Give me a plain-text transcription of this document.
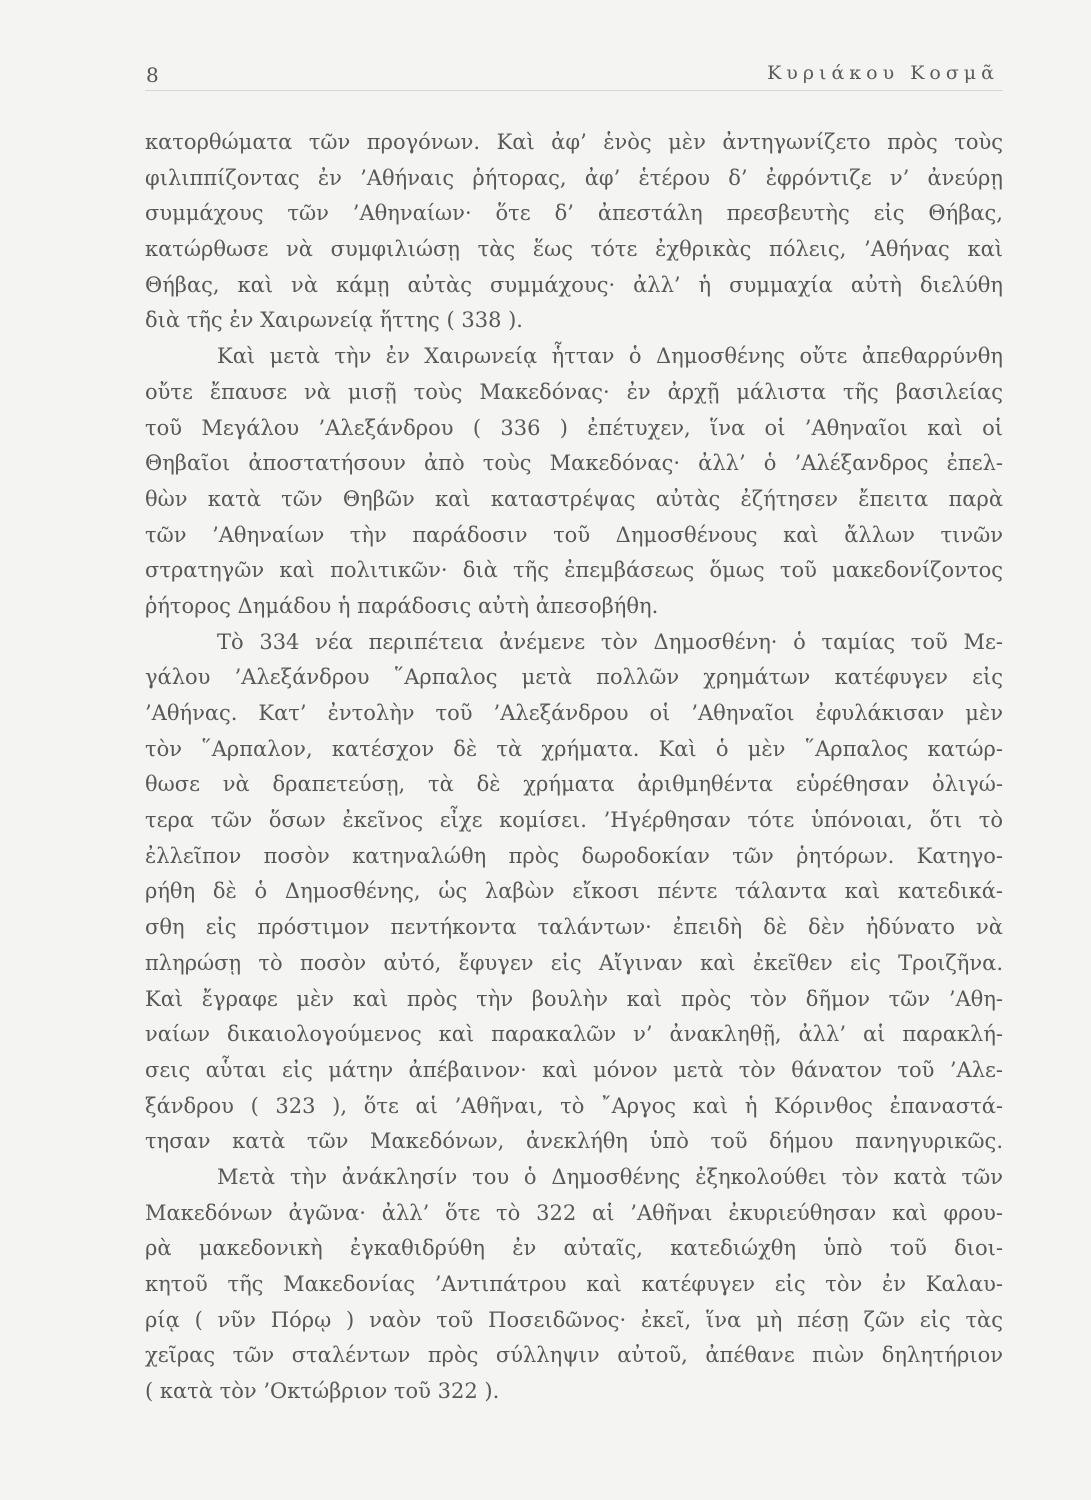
8	Κυριάκου Κοσμᾶ
κατορθώματα τῶν προγόνων. Καὶ ἀφ’ ἑνὸς μὲν ἀντηγωνίζετο πρὸς τοὺς
φιλιππίζοντας ἐν ’Αθήναις ῥήτορας, ἀφ’ ἑτέρου δ’ ἐφρόντιζε ν’ ἀνεύρῃ
συμμάχους τῶν ’Αθηναίων· ὅτε δ’ ἀπεστάλη πρεσβευτὴς εἰς Θήβας,
κατώρθωσε νὰ συμφιλιώσῃ τὰς ἕως τότε ἐχθρικὰς πόλεις, ’Αθήνας καὶ
Θήβας, καὶ νὰ κάμῃ αὐτὰς συμμάχους· ἀλλ’ ἡ συμμαχία αὐτὴ διελύθη
διὰ τῆς ἐν Χαιρωνείᾳ ἥττης ( 338 ).
Καὶ μετὰ τὴν ἐν Χαιρωνείᾳ ἧτταν ὁ Δημοσθένης οὔτε ἀπεθαρρύνθη
οὔτε ἔπαυσε νὰ μισῇ τοὺς Μακεδόνας· ἐν ἀρχῇ μάλιστα τῆς βασιλείας
τοῦ Μεγάλου ’Αλεξάνδρου ( 336 ) ἐπέτυχεν, ἵνα οἱ ’Αθηναῖοι καὶ οἱ
Θηβαῖοι ἀποστατήσουν ἀπὸ τοὺς Μακεδόνας· ἀλλ’ ὁ ’Αλέξανδρος ἐπελ-
θὼν κατὰ τῶν Θηβῶν καὶ καταστρέψας αὐτὰς ἐζήτησεν ἔπειτα παρὰ
τῶν ’Αθηναίων τὴν παράδοσιν τοῦ Δημοσθένους καὶ ἄλλων τινῶν
στρατηγῶν καὶ πολιτικῶν· διὰ τῆς ἐπεμβάσεως ὅμως τοῦ μακεδονίζοντος
ῥήτορος Δημάδου ἡ παράδοσις αὐτὴ ἀπεσοβήθη.
Τὸ 334 νέα περιπέτεια ἀνέμενε τὸν Δημοσθένη· ὁ ταμίας τοῦ Με-
γάλου ’Αλεξάνδρου ῞Αρπαλος μετὰ πολλῶν χρημάτων κατέφυγεν εἰς
’Αθήνας. Κατ’ ἐντολὴν τοῦ ’Αλεξάνδρου οἱ ’Αθηναῖοι ἐφυλάκισαν μὲν
τὸν ῞Αρπαλον, κατέσχον δὲ τὰ χρήματα. Καὶ ὁ μὲν ῞Αρπαλος κατώρ-
θωσε νὰ δραπετεύσῃ, τὰ δὲ χρήματα ἀριθμηθέντα εὑρέθησαν ὀλιγώ-
τερα τῶν ὅσων ἐκεῖνος εἶχε κομίσει. ’Ηγέρθησαν τότε ὑπόνοιαι, ὅτι τὸ
ἐλλεῖπον ποσὸν κατηναλώθη πρὸς δωροδοκίαν τῶν ῥητόρων. Κατηγο-
ρήθη δὲ ὁ Δημοσθένης, ὡς λαβὼν εἴκοσι πέντε τάλαντα καὶ κατεδικά-
σθη εἰς πρόστιμον πεντήκοντα ταλάντων· ἐπειδὴ δὲ δὲν ἠδύνατο νὰ
πληρώσῃ τὸ ποσὸν αὐτό, ἔφυγεν εἰς Αἴγιναν καὶ ἐκεῖθεν εἰς Τροιζῆνα.
Καὶ ἔγραφε μὲν καὶ πρὸς τὴν βουλὴν καὶ πρὸς τὸν δῆμον τῶν ’Αθη-
ναίων δικαιολογούμενος καὶ παρακαλῶν ν’ ἀνακληθῇ, ἀλλ’ αἱ παρακλή-
σεις αὗται εἰς μάτην ἀπέβαινον· καὶ μόνον μετὰ τὸν θάνατον τοῦ ’Αλε-
ξάνδρου ( 323 ), ὅτε αἱ ’Αθῆναι, τὸ ῎Αργος καὶ ἡ Κόρινθος ἐπαναστά-
τησαν κατὰ τῶν Μακεδόνων, ἀνεκλήθη ὑπὸ τοῦ δήμου πανηγυρικῶς.
Μετὰ τὴν ἀνάκλησίν του ὁ Δημοσθένης ἐξηκολούθει τὸν κατὰ τῶν
Μακεδόνων ἀγῶνα· ἀλλ’ ὅτε τὸ 322 αἱ ’Αθῆναι ἐκυριεύθησαν καὶ φρου-
ρὰ μακεδονικὴ ἐγκαθιδρύθη ἐν αὐταῖς, κατεδιώχθη ὑπὸ τοῦ διοι-
κητοῦ τῆς Μακεδονίας ’Αντιπάτρου καὶ κατέφυγεν εἰς τὸν ἐν Καλαυ-
ρίᾳ ( νῦν Πόρῳ ) ναὸν τοῦ Ποσειδῶνος· ἐκεῖ, ἵνα μὴ πέσῃ ζῶν εἰς τὰς
χεῖρας τῶν σταλέντων πρὸς σύλληψιν αὐτοῦ, ἀπέθανε πιὼν δηλητήριον
( κατὰ τὸν ’Οκτώβριον τοῦ 322 ).
